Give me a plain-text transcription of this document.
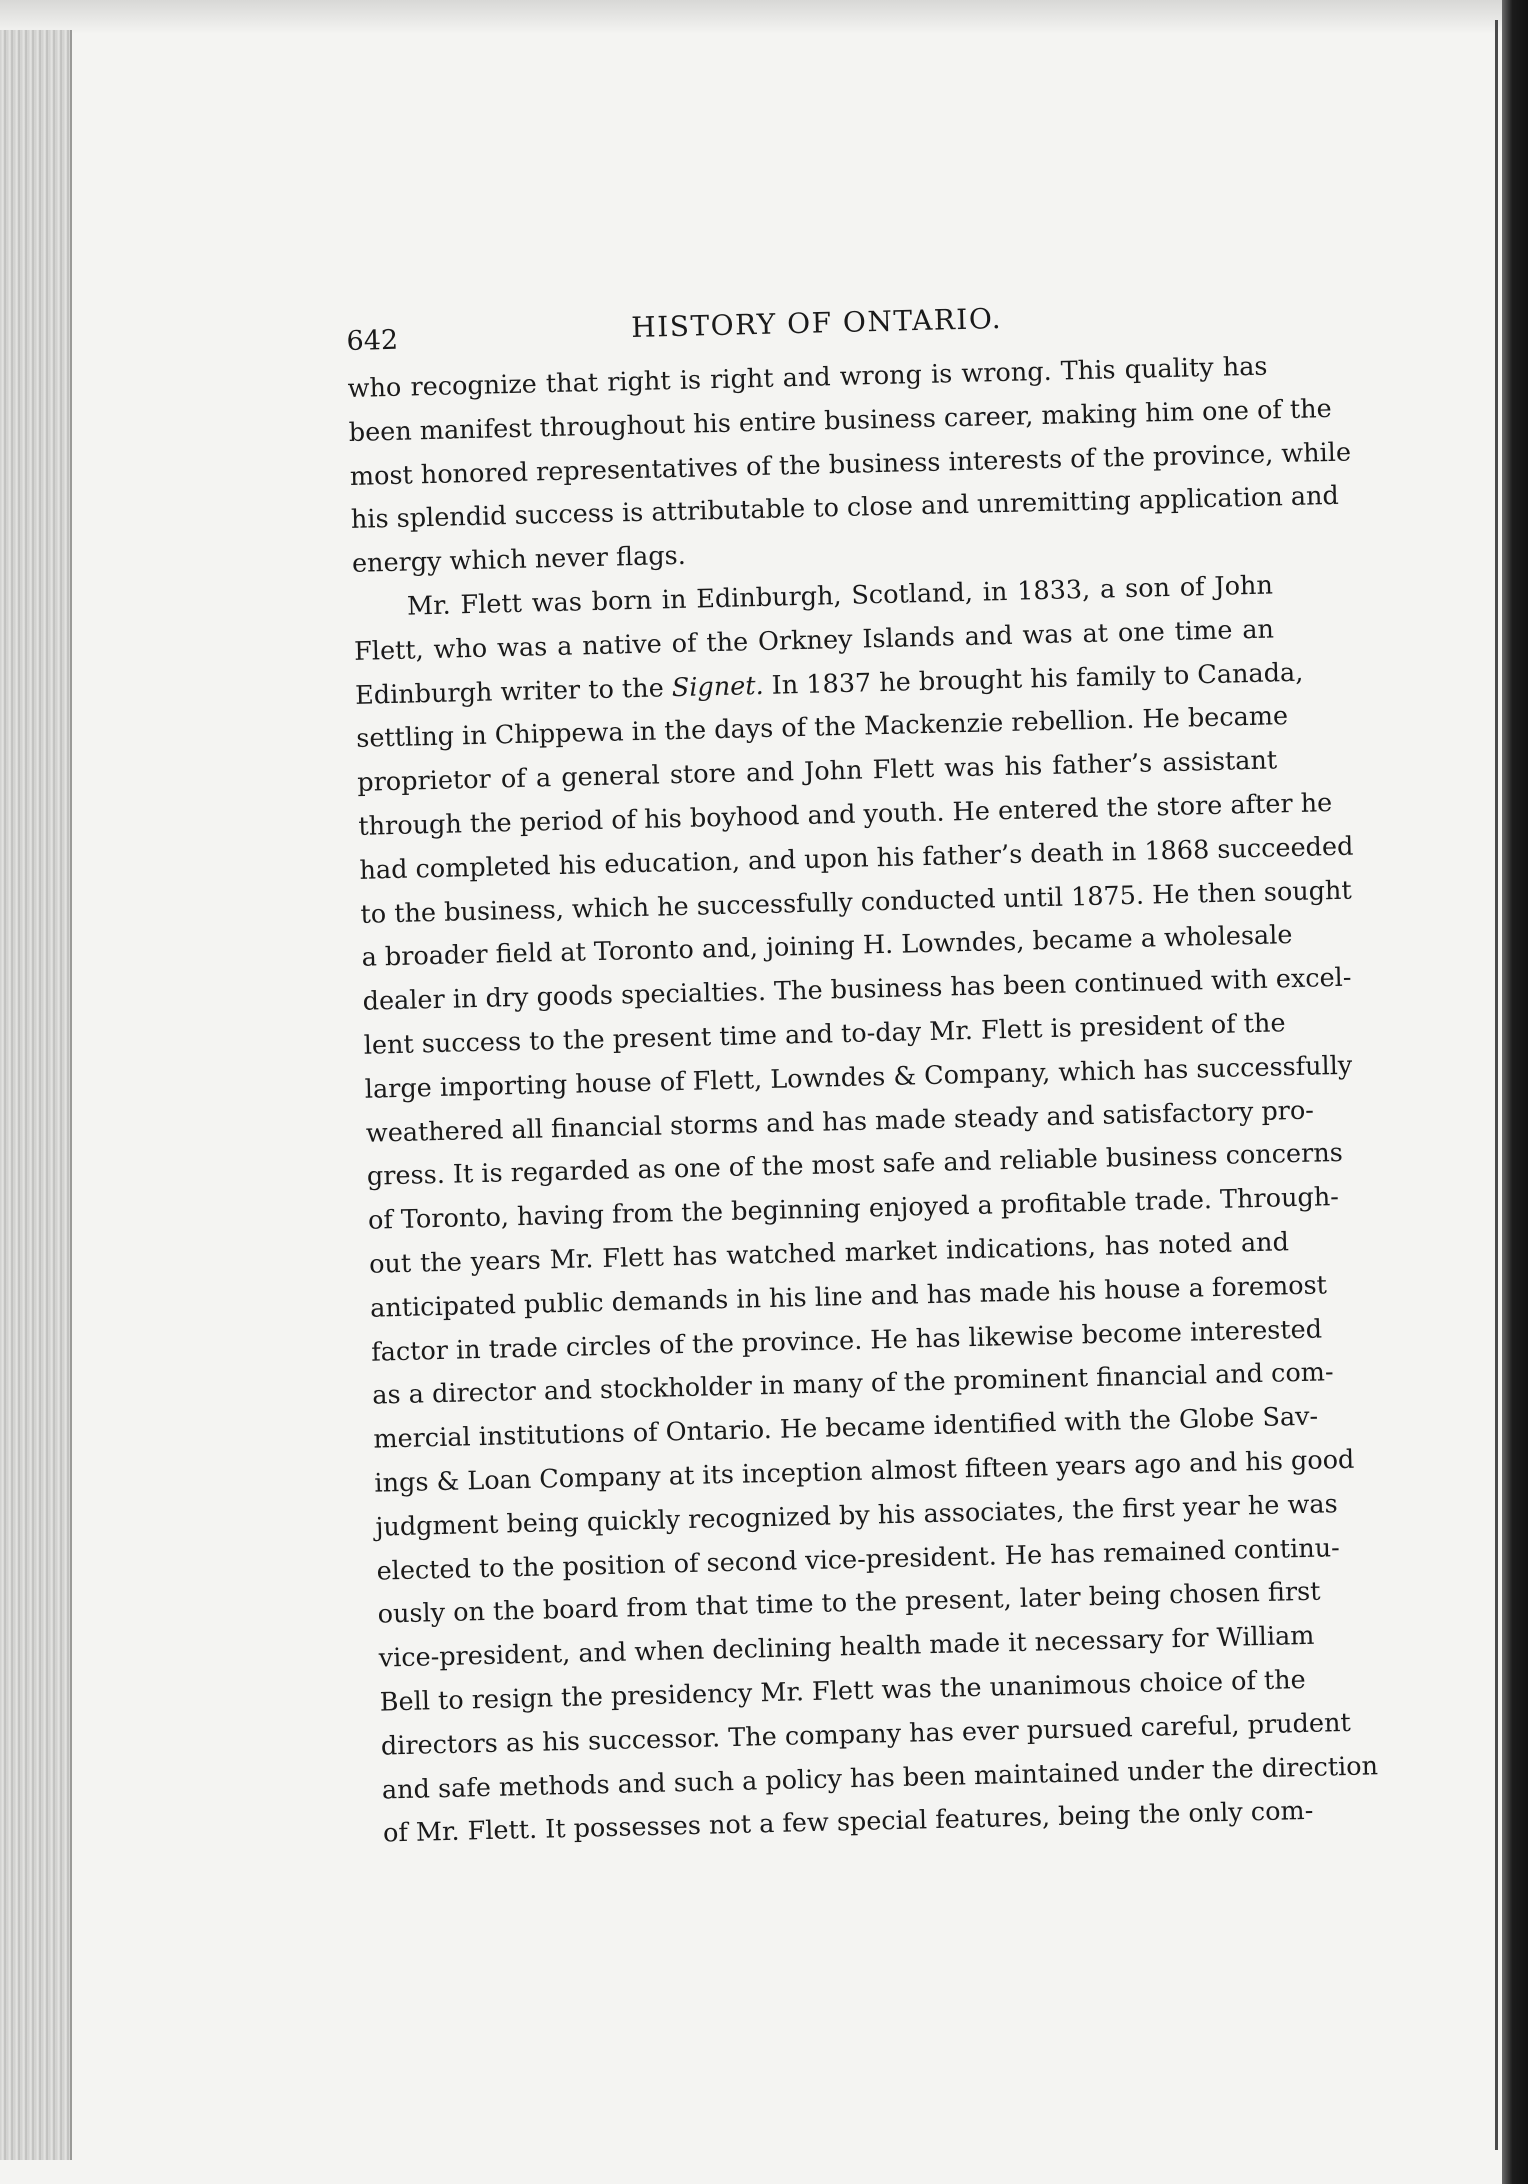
642	HISTORY OF ONTARIO.
who recognize that right is right and wrong is wrong. This quality has
been manifest throughout his entire business career, making him one of the
most honored representatives of the business interests of the province, while
his splendid success is attributable to close and unremitting application and
energy which never flags.
Mr. Flett was born in Edinburgh, Scotland, in 1833, a son of John
Flett, who was a native of the Orkney Islands and was at one time an
Edinburgh writer to the Signet. In 1837 he brought his family to Canada,
settling in Chippewa in the days of the Mackenzie rebellion. He became
proprietor of a general store and John Flett was his father’s assistant
through the period of his boyhood and youth. He entered the store after he
had completed his education, and upon his father’s death in 1868 succeeded
to the business, which he successfully conducted until 1875. He then sought
a broader field at Toronto and, joining H. Lowndes, became a wholesale
dealer in dry goods specialties. The business has been continued with excel-
lent success to the present time and to-day Mr. Flett is president of the
large importing house of Flett, Lowndes & Company, which has successfully
weathered all financial storms and has made steady and satisfactory pro-
gress. It is regarded as one of the most safe and reliable business concerns
of Toronto, having from the beginning enjoyed a profitable trade. Through-
out the years Mr. Flett has watched market indications, has noted and
anticipated public demands in his line and has made his house a foremost
factor in trade circles of the province. He has likewise become interested
as a director and stockholder in many of the prominent financial and com-
mercial institutions of Ontario. He became identified with the Globe Sav-
ings & Loan Company at its inception almost fifteen years ago and his good
judgment being quickly recognized by his associates, the first year he was
elected to the position of second vice-president. He has remained continu-
ously on the board from that time to the present, later being chosen first
vice-president, and when declining health made it necessary for William
Bell to resign the presidency Mr. Flett was the unanimous choice of the
directors as his successor. The company has ever pursued careful, prudent
and safe methods and such a policy has been maintained under the direction
of Mr. Flett. It possesses not a few special features, being the only com-
